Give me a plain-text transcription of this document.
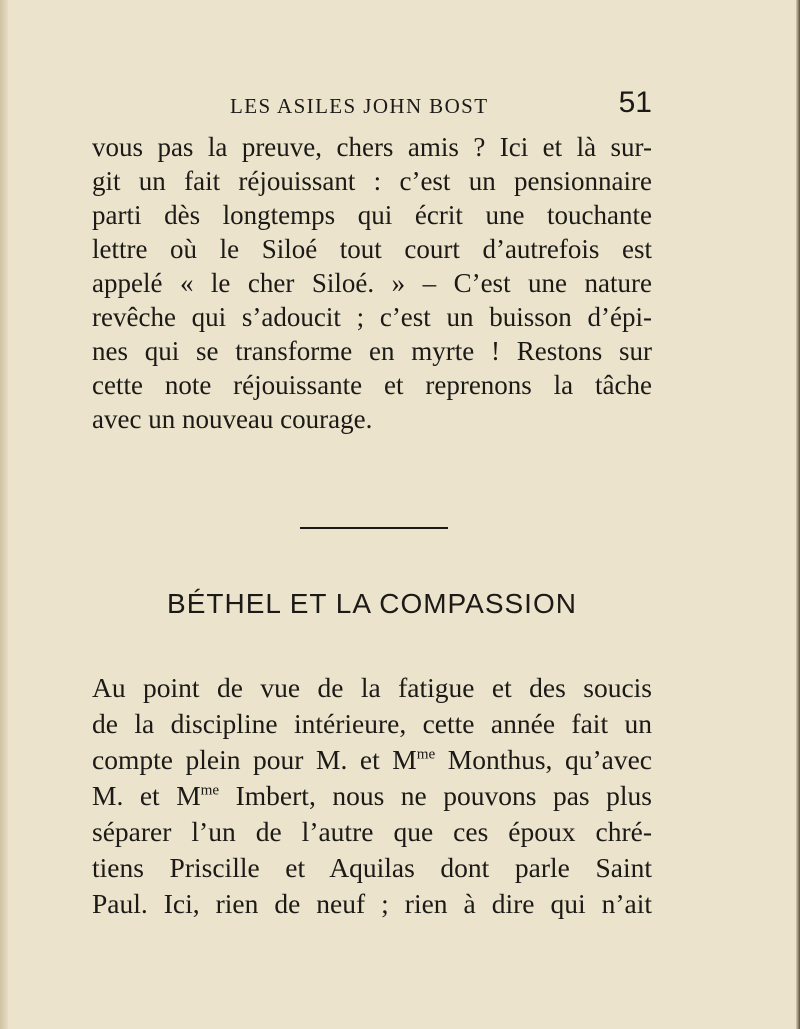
LES ASILES JOHN BOST	51

vous pas la preuve, chers amis ? Ici et là sur-
git un fait réjouissant : c’est un pensionnaire
parti dès longtemps qui écrit une touchante
lettre où le Siloé tout court d’autrefois est
appelé « le cher Siloé. » – C’est une nature
revêche qui s’adoucit ; c’est un buisson d’épi-
nes qui se transforme en myrte ! Restons sur
cette note réjouissante et reprenons la tâche
avec un nouveau courage.

BÉTHEL ET LA COMPASSION

Au point de vue de la fatigue et des soucis
de la discipline intérieure, cette année fait un
compte plein pour M. et $M^{me}$ Monthus, qu’avec
M. et $M^{me}$ Imbert, nous ne pouvons pas plus
séparer l’un de l’autre que ces époux chré-
tiens Priscille et Aquilas dont parle Saint
Paul. Ici, rien de neuf ; rien à dire qui n’ait
